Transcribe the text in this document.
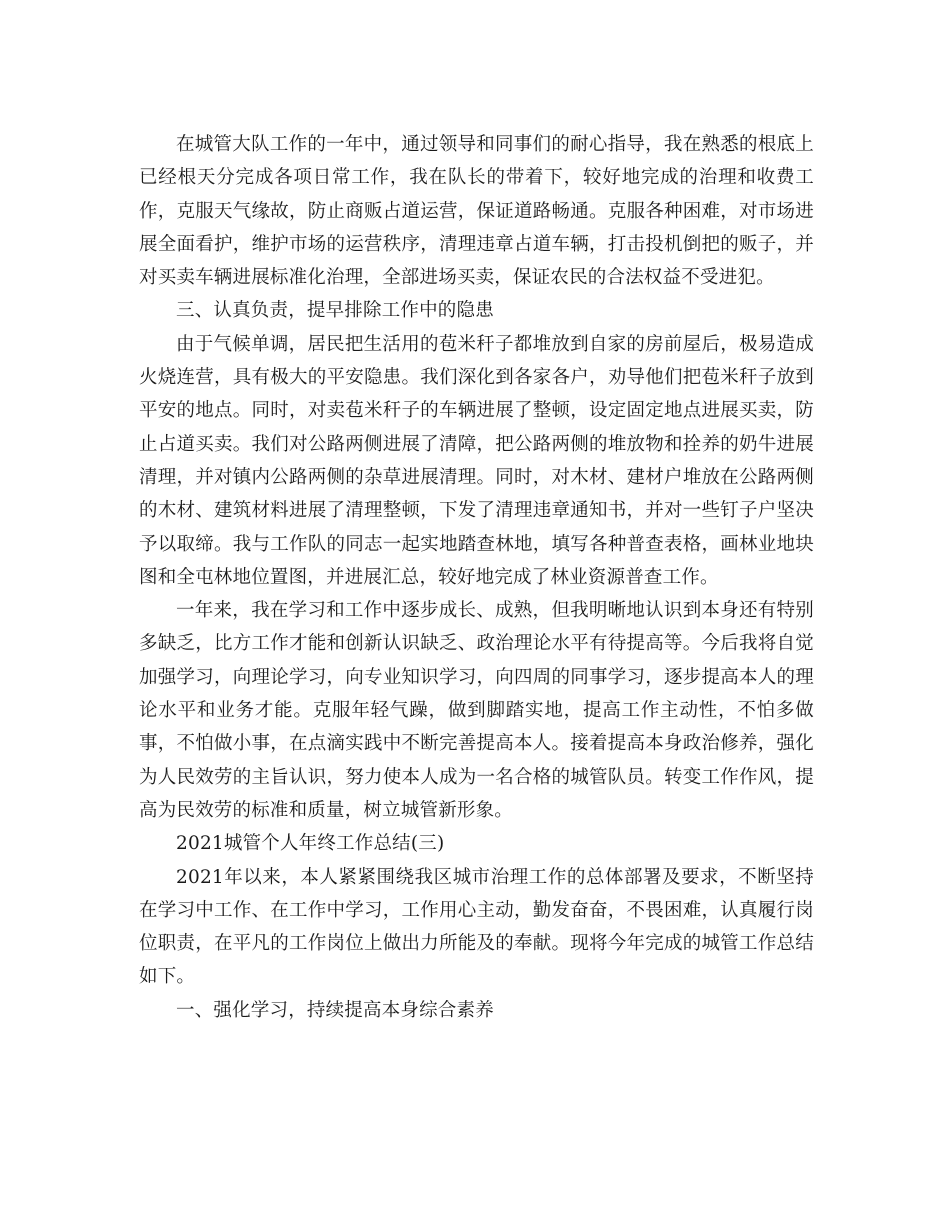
在城管大队工作的一年中，通过领导和同事们的耐心指导，我在熟悉的根底上已经根天分完成各项日常工作，我在队长的带着下，较好地完成的治理和收费工作，克服天气缘故，防止商贩占道运营，保证道路畅通。克服各种困难，对市场进展全面看护，维护市场的运营秩序，清理违章占道车辆，打击投机倒把的贩子，并对买卖车辆进展标准化治理，全部进场买卖，保证农民的合法权益不受进犯。

三、认真负责，提早排除工作中的隐患

由于气候单调，居民把生活用的苞米秆子都堆放到自家的房前屋后，极易造成火烧连营，具有极大的平安隐患。我们深化到各家各户，劝导他们把苞米秆子放到平安的地点。同时，对卖苞米秆子的车辆进展了整顿，设定固定地点进展买卖，防止占道买卖。我们对公路两侧进展了清障，把公路两侧的堆放物和拴养的奶牛进展清理，并对镇内公路两侧的杂草进展清理。同时，对木材、建材户堆放在公路两侧的木材、建筑材料进展了清理整顿，下发了清理违章通知书，并对一些钉子户坚决予以取缔。我与工作队的同志一起实地踏查林地，填写各种普查表格，画林业地块图和全屯林地位置图，并进展汇总，较好地完成了林业资源普查工作。

一年来，我在学习和工作中逐步成长、成熟，但我明晰地认识到本身还有特别多缺乏，比方工作才能和创新认识缺乏、政治理论水平有待提高等。今后我将自觉加强学习，向理论学习，向专业知识学习，向四周的同事学习，逐步提高本人的理论水平和业务才能。克服年轻气躁，做到脚踏实地，提高工作主动性，不怕多做事，不怕做小事，在点滴实践中不断完善提高本人。接着提高本身政治修养，强化为人民效劳的主旨认识，努力使本人成为一名合格的城管队员。转变工作作风，提高为民效劳的标准和质量，树立城管新形象。

2021城管个人年终工作总结(三)

2021年以来，本人紧紧围绕我区城市治理工作的总体部署及要求，不断坚持在学习中工作、在工作中学习，工作用心主动，勤发奋奋，不畏困难，认真履行岗位职责，在平凡的工作岗位上做出力所能及的奉献。现将今年完成的城管工作总结如下。

一、强化学习，持续提高本身综合素养
